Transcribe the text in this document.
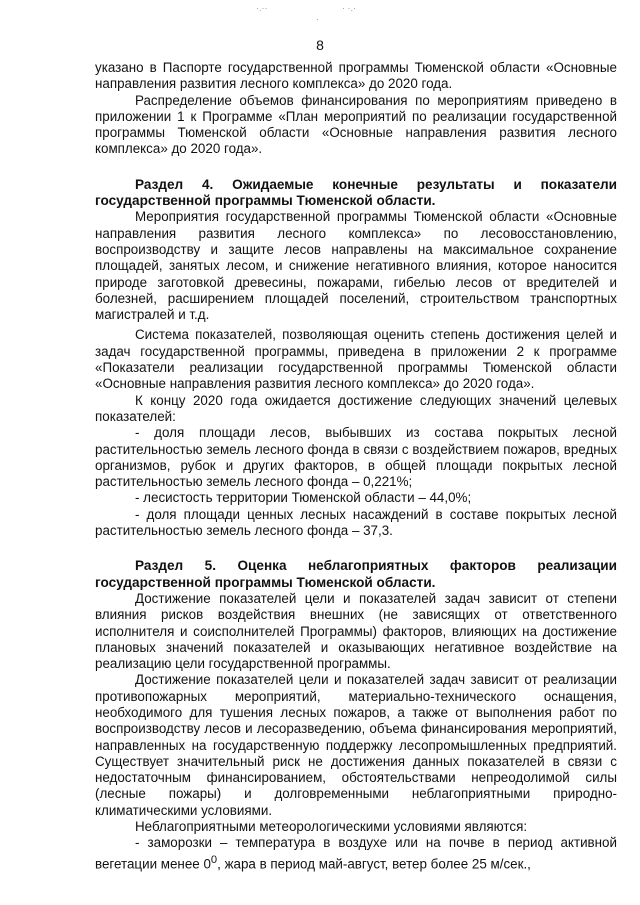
·.··	· ·.·
·
8

указано в Паспорте государственной программы Тюменской области «Основные направления развития лесного комплекса» до 2020 года.

Распределение объемов финансирования по мероприятиям приведено в приложении 1 к Программе «План мероприятий по реализации государственной программы Тюменской области «Основные направления развития лесного комплекса» до 2020 года».

Раздел 4. Ожидаемые конечные результаты и показатели государственной программы Тюменской области.

Мероприятия государственной программы Тюменской области «Основные направления развития лесного комплекса» по лесовосстановлению, воспроизводству и защите лесов направлены на максимальное сохранение площадей, занятых лесом, и снижение негативного влияния, которое наносится природе заготовкой древесины, пожарами, гибелью лесов от вредителей и болезней, расширением площадей поселений, строительством транспортных магистралей и т.д.

Система показателей, позволяющая оценить степень достижения целей и задач государственной программы, приведена в приложении 2 к программе «Показатели реализации государственной программы Тюменской области «Основные направления развития лесного комплекса» до 2020 года».

К концу 2020 года ожидается достижение следующих значений целевых показателей:

- доля площади лесов, выбывших из состава покрытых лесной растительностью земель лесного фонда в связи с воздействием пожаров, вредных организмов, рубок и других факторов, в общей площади покрытых лесной растительностью земель лесного фонда – 0,221%;

- лесистость территории Тюменской области – 44,0%;

- доля площади ценных лесных насаждений в составе покрытых лесной растительностью земель лесного фонда – 37,3.

Раздел 5. Оценка неблагоприятных факторов реализации государственной программы Тюменской области.

Достижение показателей цели и показателей задач зависит от степени влияния рисков воздействия внешних (не зависящих от ответственного исполнителя и соисполнителей Программы) факторов, влияющих на достижение плановых значений показателей и оказывающих негативное воздействие на реализацию цели государственной программы.

Достижение показателей цели и показателей задач зависит от реализации противопожарных мероприятий, материально-технического оснащения, необходимого для тушения лесных пожаров, а также от выполнения работ по воспроизводству лесов и лесоразведению, объема финансирования мероприятий, направленных на государственную поддержку лесопромышленных предприятий. Существует значительный риск не достижения данных показателей в связи с недостаточным финансированием, обстоятельствами непреодолимой силы (лесные пожары) и долговременными неблагоприятными природно-климатическими условиями.

Неблагоприятными метеорологическими условиями являются:

- заморозки – температура в воздухе или на почве в период активной вегетации менее $0^0$, жара в период май-август, ветер более 25 м/сек.,
